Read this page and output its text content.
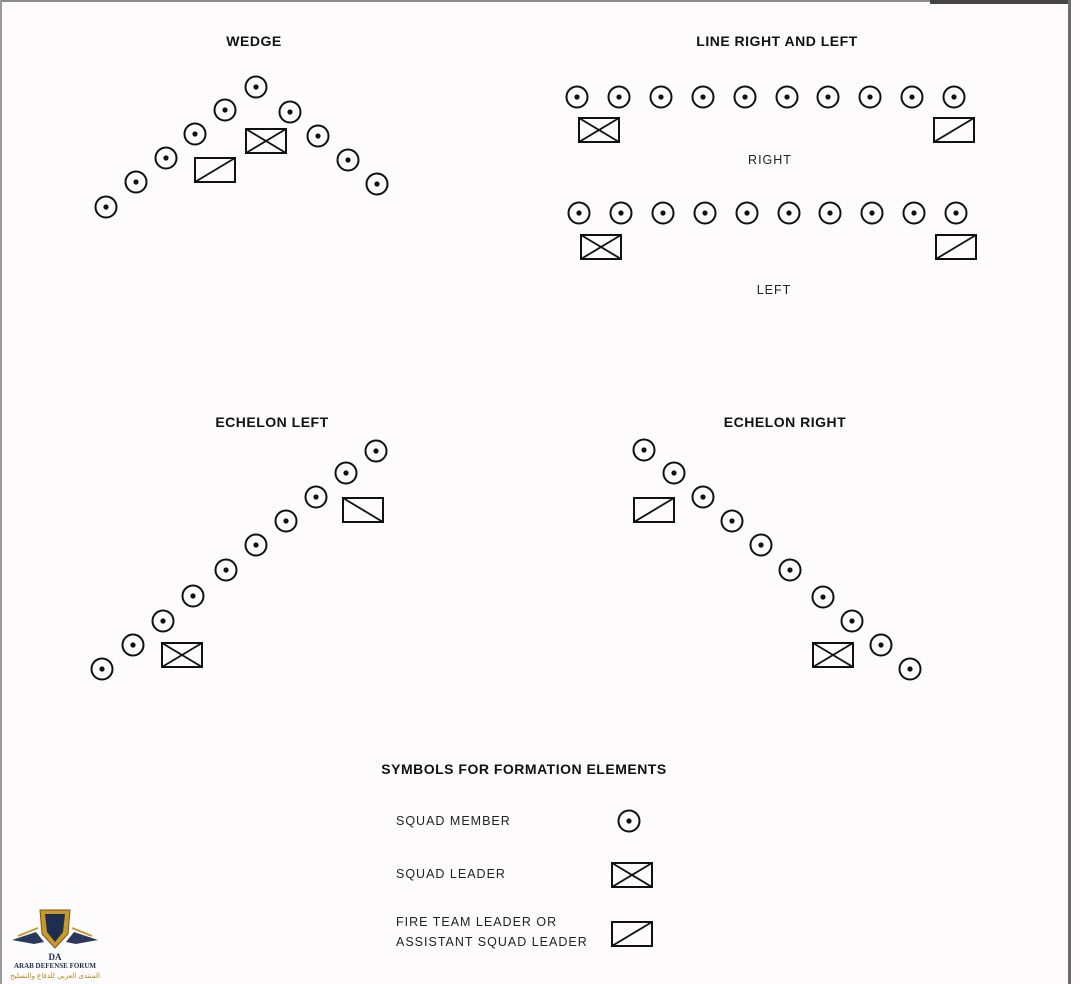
WEDGE	LINE RIGHT AND LEFT
ECHELON LEFT	ECHELON RIGHT
SYMBOLS FOR FORMATION ELEMENTS
RIGHT
LEFT
SQUAD MEMBER
SQUAD LEADER
FIRE TEAM LEADER OR
ASSISTANT SQUAD LEADER
DA
ARAB DEFENSE FORUM
المنتدى العربي للدفاع والتسليح
